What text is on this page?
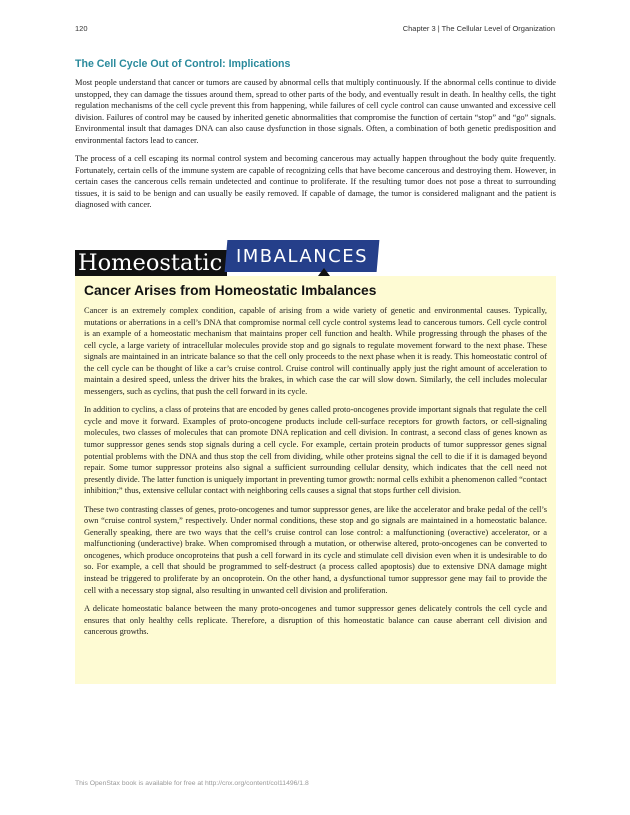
120	Chapter 3 | The Cellular Level of Organization
The Cell Cycle Out of Control: Implications

Most people understand that cancer or tumors are caused by abnormal cells that multiply continuously. If the abnormal cells continue to divide unstopped, they can damage the tissues around them, spread to other parts of the body, and eventually result in death. In healthy cells, the tight regulation mechanisms of the cell cycle prevent this from happening, while failures of cell cycle control can cause unwanted and excessive cell division. Failures of control may be caused by inherited genetic abnormalities that compromise the function of certain “stop” and “go” signals. Environmental insult that damages DNA can also cause dysfunction in those signals. Often, a combination of both genetic predisposition and environmental factors lead to cancer.

The process of a cell escaping its normal control system and becoming cancerous may actually happen throughout the body quite frequently. Fortunately, certain cells of the immune system are capable of recognizing cells that have become cancerous and destroying them. However, in certain cases the cancerous cells remain undetected and continue to proliferate. If the resulting tumor does not pose a threat to surrounding tissues, it is said to be benign and can usually be easily removed. If capable of damage, the tumor is considered malignant and the patient is diagnosed with cancer.

Homeostatic IMBALANCES
Cancer Arises from Homeostatic Imbalances

Cancer is an extremely complex condition, capable of arising from a wide variety of genetic and environmental causes. Typically, mutations or aberrations in a cell’s DNA that compromise normal cell cycle control systems lead to cancerous tumors. Cell cycle control is an example of a homeostatic mechanism that maintains proper cell function and health. While progressing through the phases of the cell cycle, a large variety of intracellular molecules provide stop and go signals to regulate movement forward to the next phase. These signals are maintained in an intricate balance so that the cell only proceeds to the next phase when it is ready. This homeostatic control of the cell cycle can be thought of like a car’s cruise control. Cruise control will continually apply just the right amount of acceleration to maintain a desired speed, unless the driver hits the brakes, in which case the car will slow down. Similarly, the cell includes molecular messengers, such as cyclins, that push the cell forward in its cycle.

In addition to cyclins, a class of proteins that are encoded by genes called proto-oncogenes provide important signals that regulate the cell cycle and move it forward. Examples of proto-oncogene products include cell-surface receptors for growth factors, or cell-signaling molecules, two classes of molecules that can promote DNA replication and cell division. In contrast, a second class of genes known as tumor suppressor genes sends stop signals during a cell cycle. For example, certain protein products of tumor suppressor genes signal potential problems with the DNA and thus stop the cell from dividing, while other proteins signal the cell to die if it is damaged beyond repair. Some tumor suppressor proteins also signal a sufficient surrounding cellular density, which indicates that the cell need not presently divide. The latter function is uniquely important in preventing tumor growth: normal cells exhibit a phenomenon called “contact inhibition;” thus, extensive cellular contact with neighboring cells causes a signal that stops further cell division.

These two contrasting classes of genes, proto-oncogenes and tumor suppressor genes, are like the accelerator and brake pedal of the cell’s own “cruise control system,” respectively. Under normal conditions, these stop and go signals are maintained in a homeostatic balance. Generally speaking, there are two ways that the cell’s cruise control can lose control: a malfunctioning (overactive) accelerator, or a malfunctioning (underactive) brake. When compromised through a mutation, or otherwise altered, proto-oncogenes can be converted to oncogenes, which produce oncoproteins that push a cell forward in its cycle and stimulate cell division even when it is undesirable to do so. For example, a cell that should be programmed to self-destruct (a process called apoptosis) due to extensive DNA damage might instead be triggered to proliferate by an oncoprotein. On the other hand, a dysfunctional tumor suppressor gene may fail to provide the cell with a necessary stop signal, also resulting in unwanted cell division and proliferation.

A delicate homeostatic balance between the many proto-oncogenes and tumor suppressor genes delicately controls the cell cycle and ensures that only healthy cells replicate. Therefore, a disruption of this homeostatic balance can cause aberrant cell division and cancerous growths.

This OpenStax book is available for free at http://cnx.org/content/col11496/1.8
